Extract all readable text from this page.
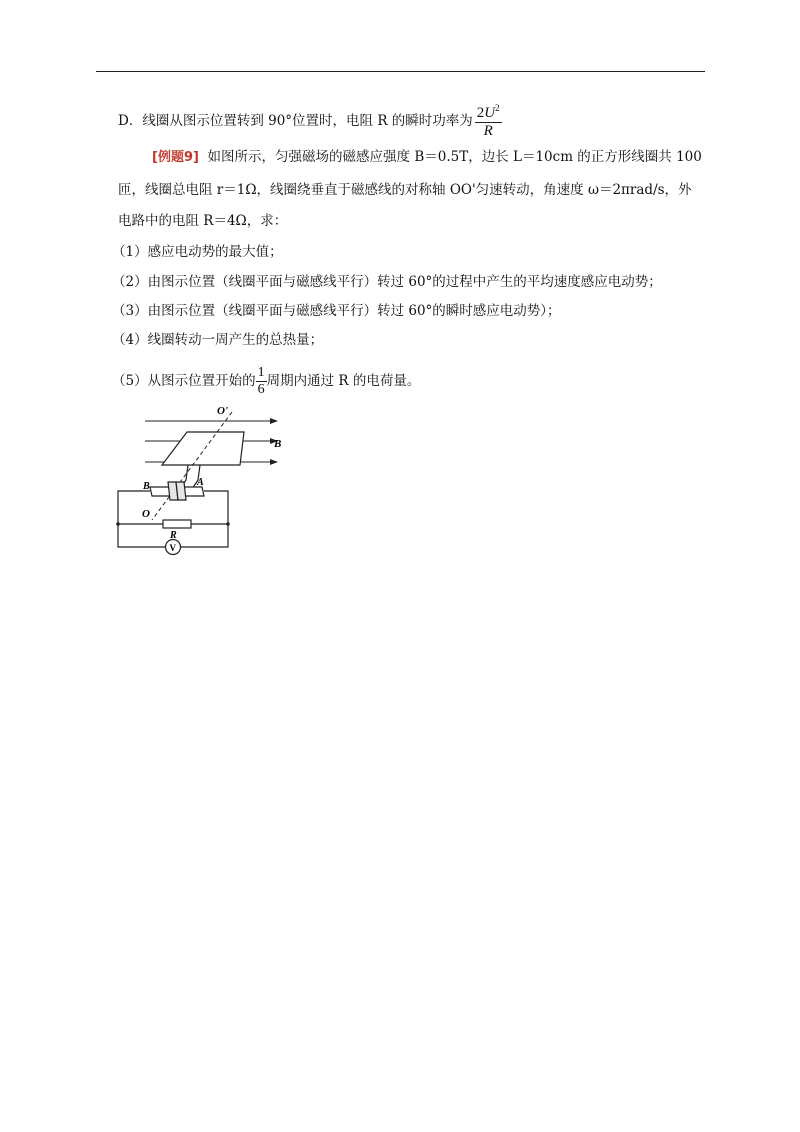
D．线圈从图示位置转到 90°位置时，电阻 R 的瞬时功率为 $\frac{2U^2}{R}$
[例题9] 如图所示，匀强磁场的磁感应强度 B＝0.5T，边长 L＝10cm 的正方形线圈共 100
匝，线圈总电阻 r＝1Ω，线圈绕垂直于磁感线的对称轴 OO'匀速转动，角速度 ω＝2πrad/s，外
电路中的电阻 R＝4Ω，求：
（1）感应电动势的最大值；
（2）由图示位置（线圈平面与磁感线平行）转过 60°的过程中产生的平均速度感应电动势；
（3）由图示位置（线圈平面与磁感线平行）转过 60°的瞬时感应电动势）；
（4）线圈转动一周产生的总热量；
（5）从图示位置开始的 $\frac{1}{6}$ 周期内通过 R 的电荷量。
O'
B
B	A
O
R
V
